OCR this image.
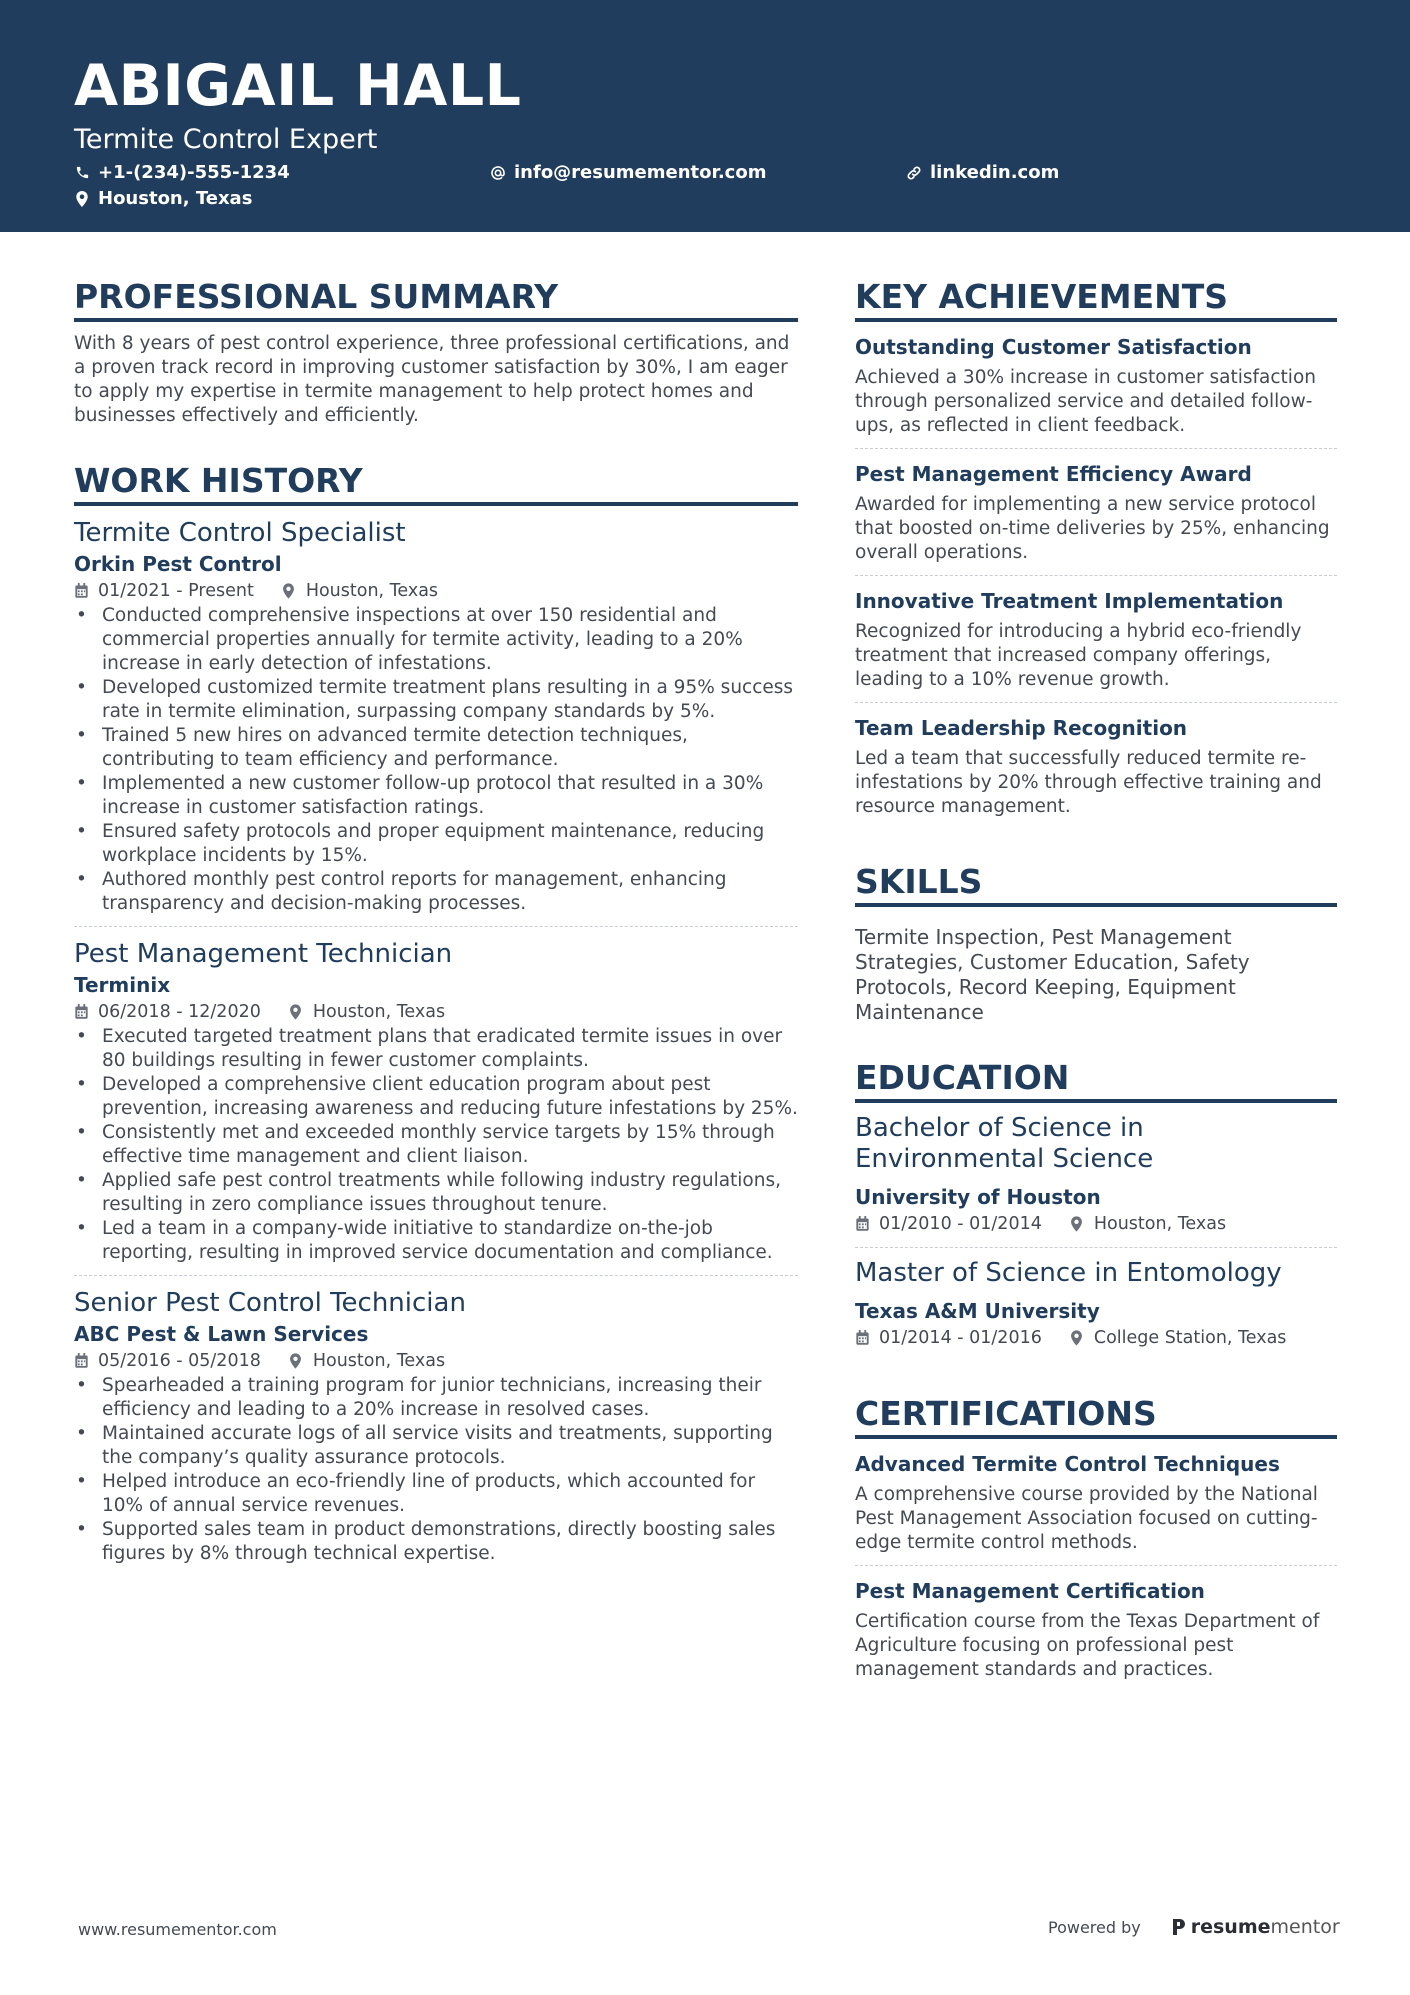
ABIGAIL HALL
Termite Control Expert
+1-(234)-555-1234	info@resumementor.com	linkedin.com
Houston, Texas
PROFESSIONAL SUMMARY
With 8 years of pest control experience, three professional certifications, and a proven track record in improving customer satisfaction by 30%, I am eager to apply my expertise in termite management to help protect homes and businesses effectively and efficiently.
WORK HISTORY
Termite Control Specialist
Orkin Pest Control
01/2021 - Present	Houston, Texas
• Conducted comprehensive inspections at over 150 residential and commercial properties annually for termite activity, leading to a 20% increase in early detection of infestations.
• Developed customized termite treatment plans resulting in a 95% success rate in termite elimination, surpassing company standards by 5%.
• Trained 5 new hires on advanced termite detection techniques, contributing to team efficiency and performance.
• Implemented a new customer follow-up protocol that resulted in a 30% increase in customer satisfaction ratings.
• Ensured safety protocols and proper equipment maintenance, reducing workplace incidents by 15%.
• Authored monthly pest control reports for management, enhancing transparency and decision-making processes.
Pest Management Technician
Terminix
06/2018 - 12/2020	Houston, Texas
• Executed targeted treatment plans that eradicated termite issues in over 80 buildings resulting in fewer customer complaints.
• Developed a comprehensive client education program about pest prevention, increasing awareness and reducing future infestations by 25%.
• Consistently met and exceeded monthly service targets by 15% through effective time management and client liaison.
• Applied safe pest control treatments while following industry regulations, resulting in zero compliance issues throughout tenure.
• Led a team in a company-wide initiative to standardize on-the-job reporting, resulting in improved service documentation and compliance.
Senior Pest Control Technician
ABC Pest & Lawn Services
05/2016 - 05/2018	Houston, Texas
• Spearheaded a training program for junior technicians, increasing their efficiency and leading to a 20% increase in resolved cases.
• Maintained accurate logs of all service visits and treatments, supporting the company’s quality assurance protocols.
• Helped introduce an eco-friendly line of products, which accounted for 10% of annual service revenues.
• Supported sales team in product demonstrations, directly boosting sales figures by 8% through technical expertise.
KEY ACHIEVEMENTS
Outstanding Customer Satisfaction
Achieved a 30% increase in customer satisfaction through personalized service and detailed follow-ups, as reflected in client feedback.
Pest Management Efficiency Award
Awarded for implementing a new service protocol that boosted on-time deliveries by 25%, enhancing overall operations.
Innovative Treatment Implementation
Recognized for introducing a hybrid eco-friendly treatment that increased company offerings, leading to a 10% revenue growth.
Team Leadership Recognition
Led a team that successfully reduced termite re-infestations by 20% through effective training and resource management.
SKILLS
Termite Inspection, Pest Management Strategies, Customer Education, Safety Protocols, Record Keeping, Equipment Maintenance
EDUCATION
Bachelor of Science in Environmental Science
University of Houston
01/2010 - 01/2014	Houston, Texas
Master of Science in Entomology
Texas A&M University
01/2014 - 01/2016	College Station, Texas
CERTIFICATIONS
Advanced Termite Control Techniques
A comprehensive course provided by the National Pest Management Association focused on cutting-edge termite control methods.
Pest Management Certification
Certification course from the Texas Department of Agriculture focusing on professional pest management standards and practices.
www.resumementor.com	Powered by	resume mentor
